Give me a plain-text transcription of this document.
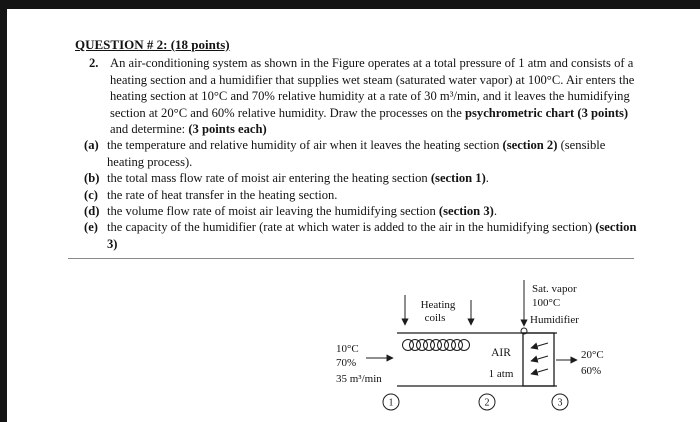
QUESTION # 2: (18 points)
2. An air-conditioning system as shown in the Figure operates at a total pressure of 1 atm and consists of a heating section and a humidifier that supplies wet steam (saturated water vapor) at 100°C. Air enters the heating section at 10°C and 70% relative humidity at a rate of 30 m³/min, and it leaves the humidifying section at 20°C and 60% relative humidity. Draw the processes on the psychrometric chart (3 points) and determine: (3 points each)
(a) the temperature and relative humidity of air when it leaves the heating section (section 2) (sensible heating process).
(b) the total mass flow rate of moist air entering the heating section (section 1).
(c) the rate of heat transfer in the heating section.
(d) the volume flow rate of moist air leaving the humidifying section (section 3).
(e) the capacity of the humidifier (rate at which water is added to the air in the humidifying section) (section 3)
Heating
coils
Sat. vapor
100°C
Humidifier
AIR
1 atm
10°C
70%
35 m³/min
20°C
60%
1	2	3
